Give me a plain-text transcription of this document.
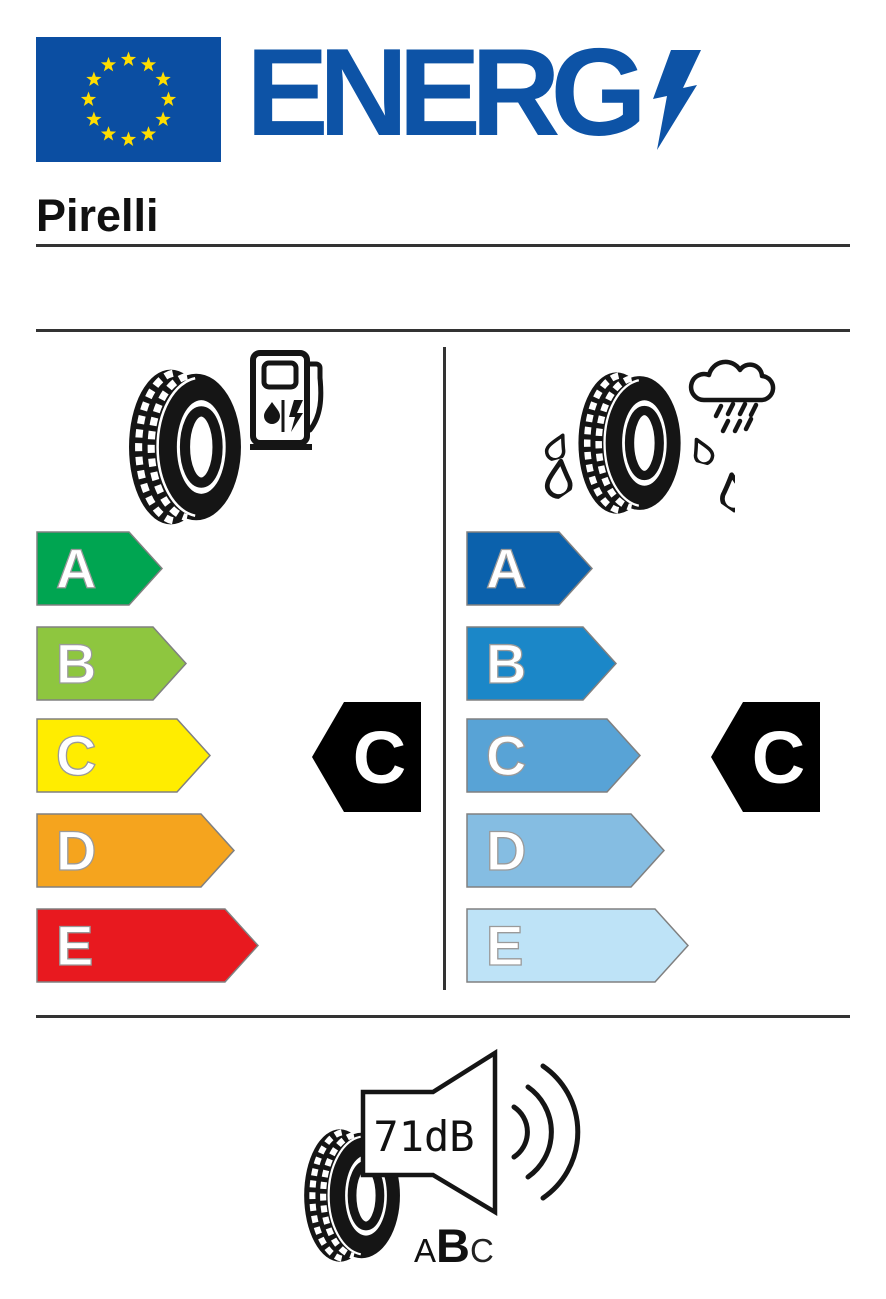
ENERG
Pirelli
A
B
C
D
E
C
A
B
C
D
E
C
71dB
ABC
